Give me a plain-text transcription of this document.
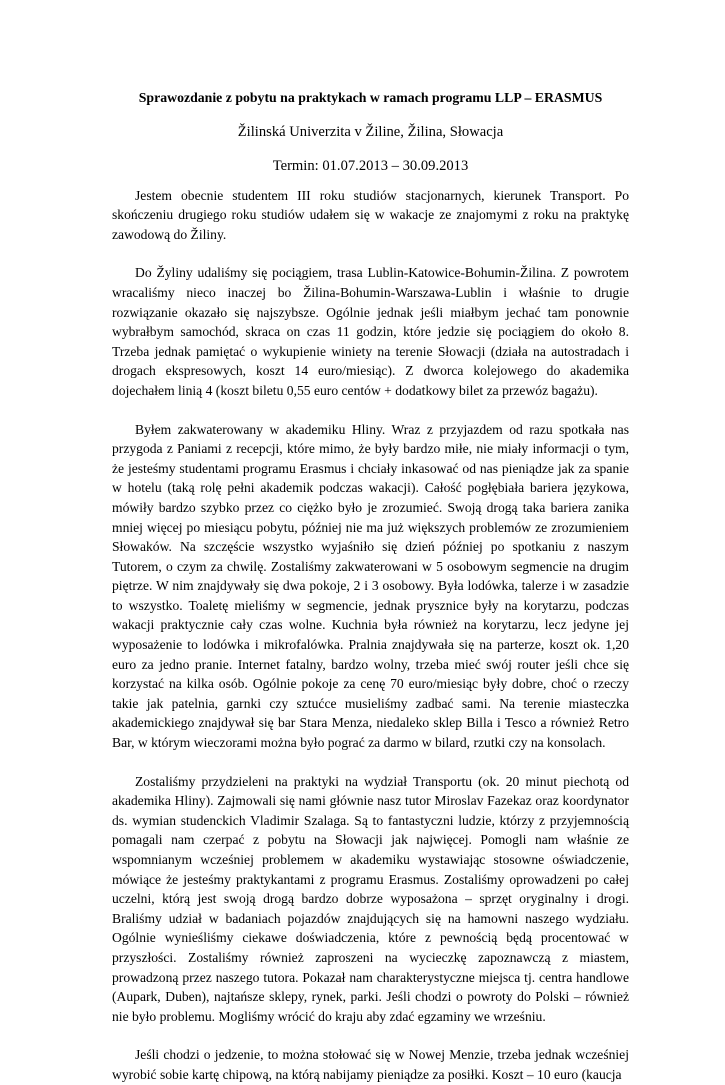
Sprawozdanie z pobytu na praktykach w ramach programu LLP – ERASMUS
Žilinská Univerzita v Žiline, Žilina, Słowacja
Termin: 01.07.2013 – 30.09.2013

Jestem obecnie studentem III roku studiów stacjonarnych, kierunek Transport. Po skończeniu drugiego roku studiów udałem się w wakacje ze znajomymi z roku na praktykę zawodową do Žiliny.

Do Žyliny udaliśmy się pociągiem, trasa Lublin-Katowice-Bohumin-Žilina. Z powrotem wracaliśmy nieco inaczej bo Žilina-Bohumin-Warszawa-Lublin i właśnie to drugie rozwiązanie okazało się najszybsze. Ogólnie jednak jeśli miałbym jechać tam ponownie wybrałbym samochód, skraca on czas 11 godzin, które jedzie się pociągiem do około 8. Trzeba jednak pamiętać o wykupienie winiety na terenie Słowacji (działa na autostradach i drogach ekspresowych, koszt 14 euro/miesiąc). Z dworca kolejowego do akademika dojechałem linią 4 (koszt biletu 0,55 euro centów + dodatkowy bilet za przewóz bagażu).

Byłem zakwaterowany w akademiku Hliny. Wraz z przyjazdem od razu spotkała nas przygoda z Paniami z recepcji, które mimo, że były bardzo miłe, nie miały informacji o tym, że jesteśmy studentami programu Erasmus i chciały inkasować od nas pieniądze jak za spanie w hotelu (taką rolę pełni akademik podczas wakacji). Całość pogłębiała bariera językowa, mówiły bardzo szybko przez co ciężko było je zrozumieć. Swoją drogą taka bariera zanika mniej więcej po miesiącu pobytu, później nie ma już większych problemów ze zrozumieniem Słowaków. Na szczęście wszystko wyjaśniło się dzień później po spotkaniu z naszym Tutorem, o czym za chwilę. Zostaliśmy zakwaterowani w 5 osobowym segmencie na drugim piętrze. W nim znajdywały się dwa pokoje, 2 i 3 osobowy. Była lodówka, talerze i w zasadzie to wszystko. Toaletę mieliśmy w segmencie, jednak prysznice były na korytarzu, podczas wakacji praktycznie cały czas wolne. Kuchnia była również na korytarzu, lecz jedyne jej wyposażenie to lodówka i mikrofalówka. Pralnia znajdywała się na parterze, koszt ok. 1,20 euro za jedno pranie. Internet fatalny, bardzo wolny, trzeba mieć swój router jeśli chce się korzystać na kilka osób. Ogólnie pokoje za cenę 70 euro/miesiąc były dobre, choć o rzeczy takie jak patelnia, garnki czy sztućce musieliśmy zadbać sami. Na terenie miasteczka akademickiego znajdywał się bar Stara Menza, niedaleko sklep Billa i Tesco a również Retro Bar, w którym wieczorami można było pograć za darmo w bilard, rzutki czy na konsolach.

Zostaliśmy przydzieleni na praktyki na wydział Transportu (ok. 20 minut piechotą od akademika Hliny). Zajmowali się nami głównie nasz tutor Miroslav Fazekaz oraz koordynator ds. wymian studenckich Vladimir Szalaga. Są to fantastyczni ludzie, którzy z przyjemnością pomagali nam czerpać z pobytu na Słowacji jak najwięcej. Pomogli nam właśnie ze wspomnianym wcześniej problemem w akademiku wystawiając stosowne oświadczenie, mówiące że jesteśmy praktykantami z programu Erasmus. Zostaliśmy oprowadzeni po całej uczelni, którą jest swoją drogą bardzo dobrze wyposażona – sprzęt oryginalny i drogi. Braliśmy udział w badaniach pojazdów znajdujących się na hamowni naszego wydziału. Ogólnie wynieśliśmy ciekawe doświadczenia, które z pewnością będą procentować w przyszłości. Zostaliśmy również zaproszeni na wycieczkę zapoznawczą z miastem, prowadzoną przez naszego tutora. Pokazał nam charakterystyczne miejsca tj. centra handlowe (Aupark, Duben), najtańsze sklepy, rynek, parki. Jeśli chodzi o powroty do Polski – również nie było problemu. Mogliśmy wrócić do kraju aby zdać egzaminy we wrześniu.

Jeśli chodzi o jedzenie, to można stołować się w Nowej Menzie, trzeba jednak wcześniej wyrobić sobie kartę chipową, na którą nabijamy pieniądze za posiłki. Koszt – 10 euro (kaucja
